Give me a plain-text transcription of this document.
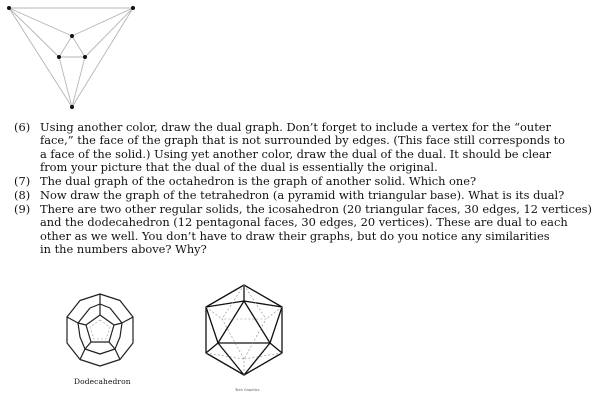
(6) Using another color, draw the dual graph. Don’t forget to include a vertex for the “outer
face,” the face of the graph that is not surrounded by edges. (This face still corresponds to
a face of the solid.) Using yet another color, draw the dual of the dual. It should be clear
from your picture that the dual of the dual is essentially the original.
(7) The dual graph of the octahedron is the graph of another solid. Which one?
(8) Now draw the graph of the tetrahedron (a pyramid with triangular base). What is its dual?
(9) There are two other regular solids, the icosahedron (20 triangular faces, 30 edges, 12 vertices)
and the dodecahedron (12 pentagonal faces, 30 edges, 20 vertices). These are dual to each
other as we well. You don’t have to draw their graphs, but do you notice any similarities
in the numbers above? Why?
Dodecahedron
Tech Graphics
